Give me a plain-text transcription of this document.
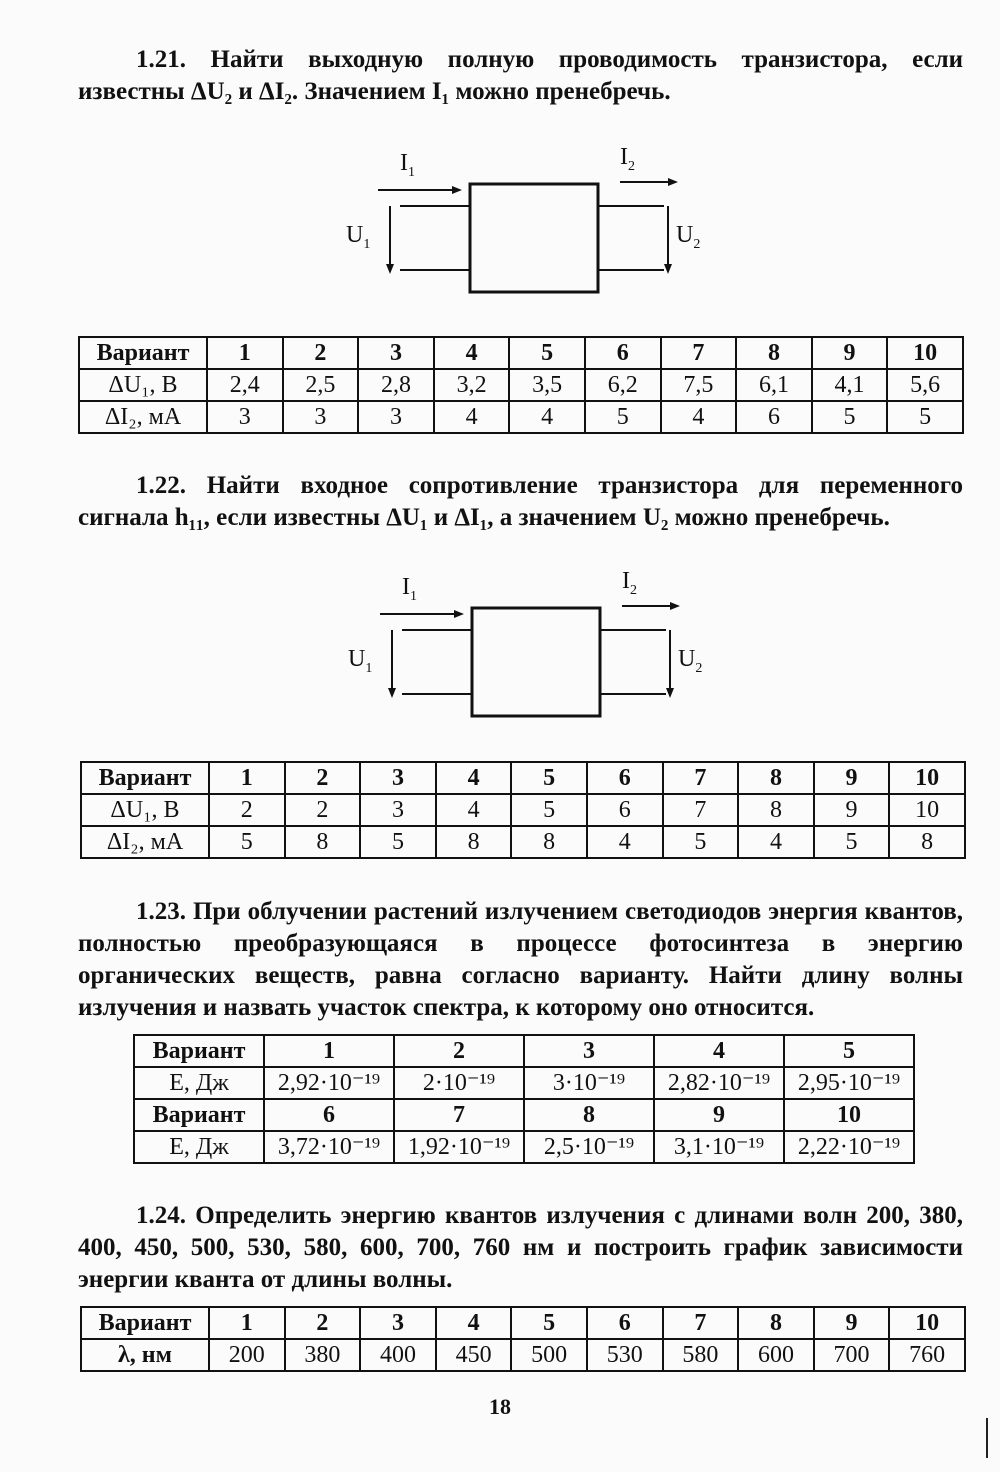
1.21. Найти выходную полную проводимость транзистора, если известны ΔU₂ и ΔI₂. Значением I₁ можно пренебречь.
$I_1$
$I_2$
$U_1$	$U_2$
Вариант	1	2	3	4	5	6	7	8	9	10
ΔU₁, В	2,4	2,5	2,8	3,2	3,5	6,2	7,5	6,1	4,1	5,6
ΔI₂, мА	3	3	3	4	4	5	4	6	5	5
1.22. Найти входное сопротивление транзистора для переменного сигнала h₁₁, если известны ΔU₁ и ΔI₁, а значением U₂ можно пренебречь.
$I_1$
$I_2$
$U_1$	$U_2$
Вариант	1	2	3	4	5	6	7	8	9	10
ΔU₁, В	2	2	3	4	5	6	7	8	9	10
ΔI₂, мА	5	8	5	8	8	4	5	4	5	8
1.23. При облучении растений излучением светодиодов энергия квантов, полностью преобразующаяся в процессе фотосинтеза в энергию органических веществ, равна согласно варианту. Найти длину волны излучения и назвать участок спектра, к которому оно относится.
Вариант	1	2	3	4	5
Е, Дж	2,92·10⁻¹⁹	2·10⁻¹⁹	3·10⁻¹⁹	2,82·10⁻¹⁹	2,95·10⁻¹⁹
Вариант	6	7	8	9	10
Е, Дж	3,72·10⁻¹⁹	1,92·10⁻¹⁹	2,5·10⁻¹⁹	3,1·10⁻¹⁹	2,22·10⁻¹⁹
1.24. Определить энергию квантов излучения с длинами волн 200, 380, 400, 450, 500, 530, 580, 600, 700, 760 нм и построить график зависимости энергии кванта от длины волны.
Вариант	1	2	3	4	5	6	7	8	9	10
λ, нм	200	380	400	450	500	530	580	600	700	760
18
